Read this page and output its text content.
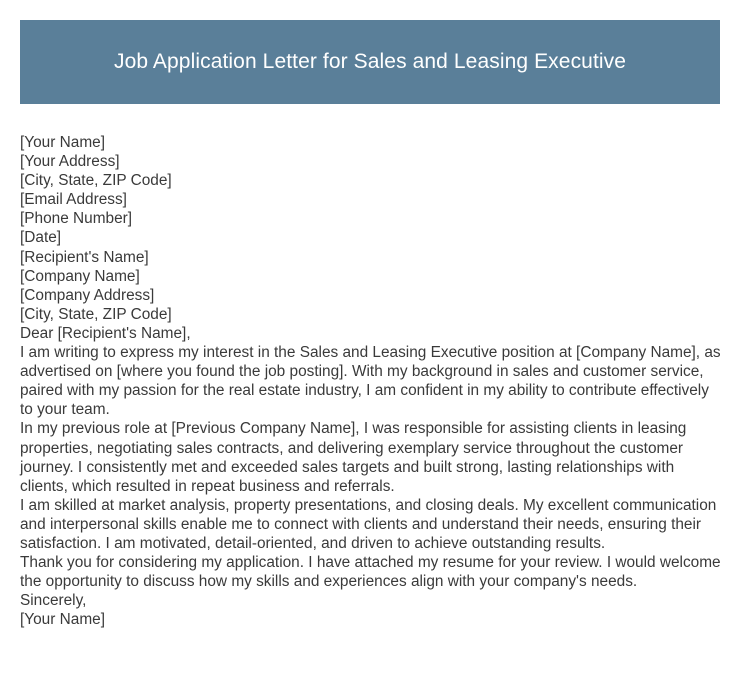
Job Application Letter for Sales and Leasing Executive
[Your Name]
[Your Address]
[City, State, ZIP Code]
[Email Address]
[Phone Number]
[Date]
[Recipient's Name]
[Company Name]
[Company Address]
[City, State, ZIP Code]
Dear [Recipient's Name],
I am writing to express my interest in the Sales and Leasing Executive position at [Company Name], as advertised on [where you found the job posting]. With my background in sales and customer service, paired with my passion for the real estate industry, I am confident in my ability to contribute effectively to your team.
In my previous role at [Previous Company Name], I was responsible for assisting clients in leasing properties, negotiating sales contracts, and delivering exemplary service throughout the customer journey. I consistently met and exceeded sales targets and built strong, lasting relationships with clients, which resulted in repeat business and referrals.
I am skilled at market analysis, property presentations, and closing deals. My excellent communication and interpersonal skills enable me to connect with clients and understand their needs, ensuring their satisfaction. I am motivated, detail-oriented, and driven to achieve outstanding results.
Thank you for considering my application. I have attached my resume for your review. I would welcome the opportunity to discuss how my skills and experiences align with your company's needs.
Sincerely,
[Your Name]
